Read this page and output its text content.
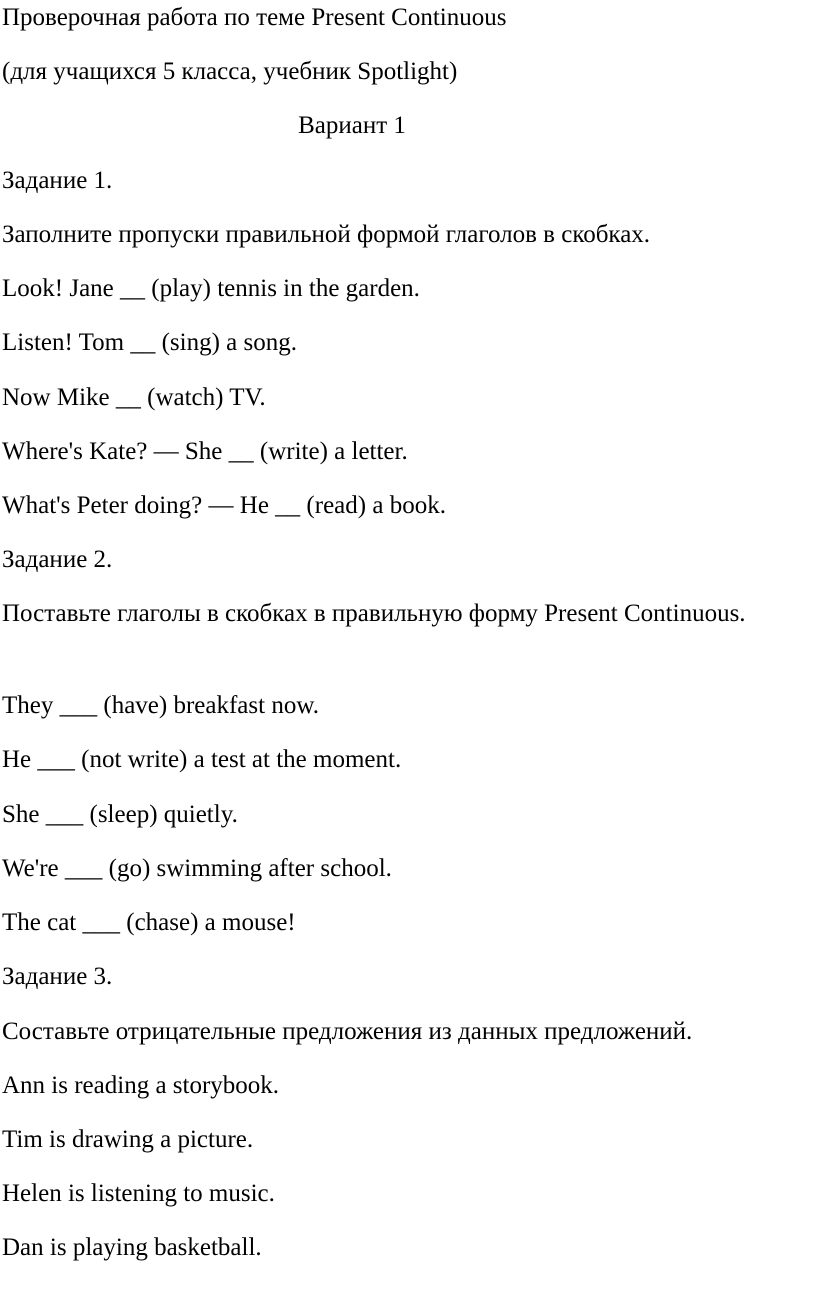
Проверочная работа по теме Present Continuous

(для учащихся 5 класса, учебник Spotlight)

Вариант 1

Задание 1.

Заполните пропуски правильной формой глаголов в скобках.

Look! Jane __ (play) tennis in the garden.

Listen! Tom __ (sing) a song.

Now Mike __ (watch) TV.

Where's Kate? — She __ (write) a letter.

What's Peter doing? — He __ (read) a book.

Задание 2.

Поставьте глаголы в скобках в правильную форму Present Continuous.

They ___ (have) breakfast now.

He ___ (not write) a test at the moment.

She ___ (sleep) quietly.

We're ___ (go) swimming after school.

The cat ___ (chase) a mouse!

Задание 3.

Составьте отрицательные предложения из данных предложений.

Ann is reading a storybook.

Tim is drawing a picture.

Helen is listening to music.

Dan is playing basketball.
